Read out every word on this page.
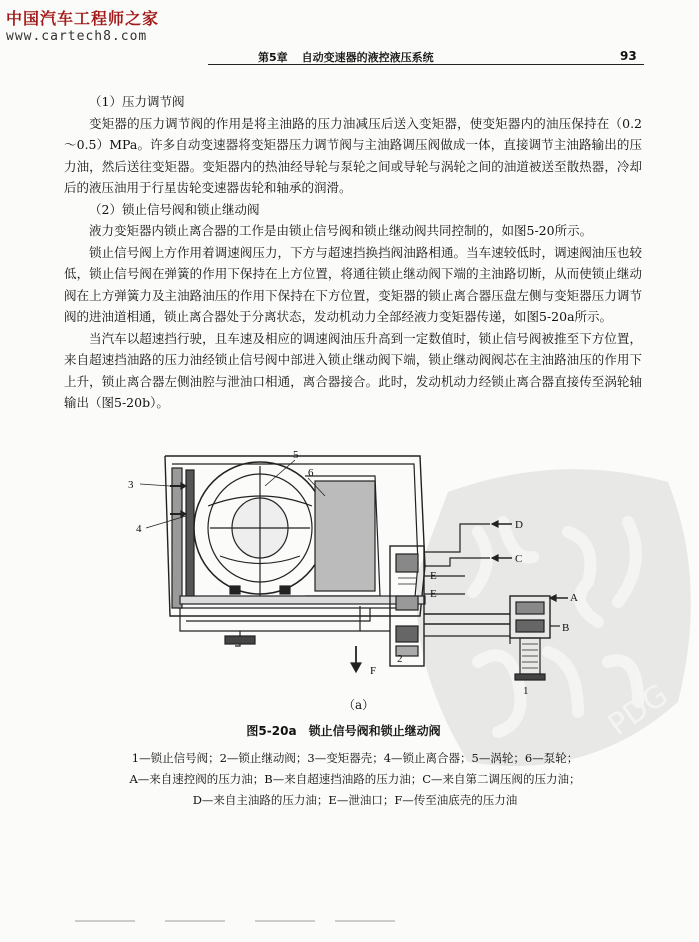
中国汽车工程师之家
www.cartech8.com
第5章 自动变速器的液控液压系统	93

（1）压力调节阀

变矩器的压力调节阀的作用是将主油路的压力油减压后送入变矩器，使变矩器内的油压保持在（0.2～0.5）MPa。许多自动变速器将变矩器压力调节阀与主油路调压阀做成一体，直接调节主油路输出的压力油，然后送往变矩器。变矩器内的热油经导轮与泵轮之间或导轮与涡轮之间的油道被送至散热器，冷却后的液压油用于行星齿轮变速器齿轮和轴承的润滑。

（2）锁止信号阀和锁止继动阀

液力变矩器内锁止离合器的工作是由锁止信号阀和锁止继动阀共同控制的，如图5-20所示。

锁止信号阀上方作用着调速阀压力，下方与超速挡换挡阀油路相通。当车速较低时，调速阀油压也较低，锁止信号阀在弹簧的作用下保持在上方位置，将通往锁止继动阀下端的主油路切断，从而使锁止继动阀在上方弹簧力及主油路油压的作用下保持在下方位置，变矩器的锁止离合器压盘左侧与变矩器压力调节阀的进油道相通，锁止离合器处于分离状态，发动机动力全部经液力变矩器传递，如图5-20a所示。

当汽车以超速挡行驶，且车速及相应的调速阀油压升高到一定数值时，锁止信号阀被推至下方位置，来自超速挡油路的压力油经锁止信号阀中部进入锁止继动阀下端，锁止继动阀阀芯在主油路油压的作用下上升，锁止离合器左侧油腔与泄油口相通，离合器接合。此时，发动机动力经锁止离合器直接传至涡轮轴输出（图5-20b）。

PDG
3
4
5
6
2
1
D
C
E
E	A
B
F
（a）
图5-20a 锁止信号阀和锁止继动阀
1—锁止信号阀；2—锁止继动阀；3—变矩器壳；4—锁止离合器；5—涡轮；6—泵轮；
A—来自速控阀的压力油；B—来自超速挡油路的压力油；C—来自第二调压阀的压力油；
D—来自主油路的压力油；E—泄油口；F—传至油底壳的压力油
